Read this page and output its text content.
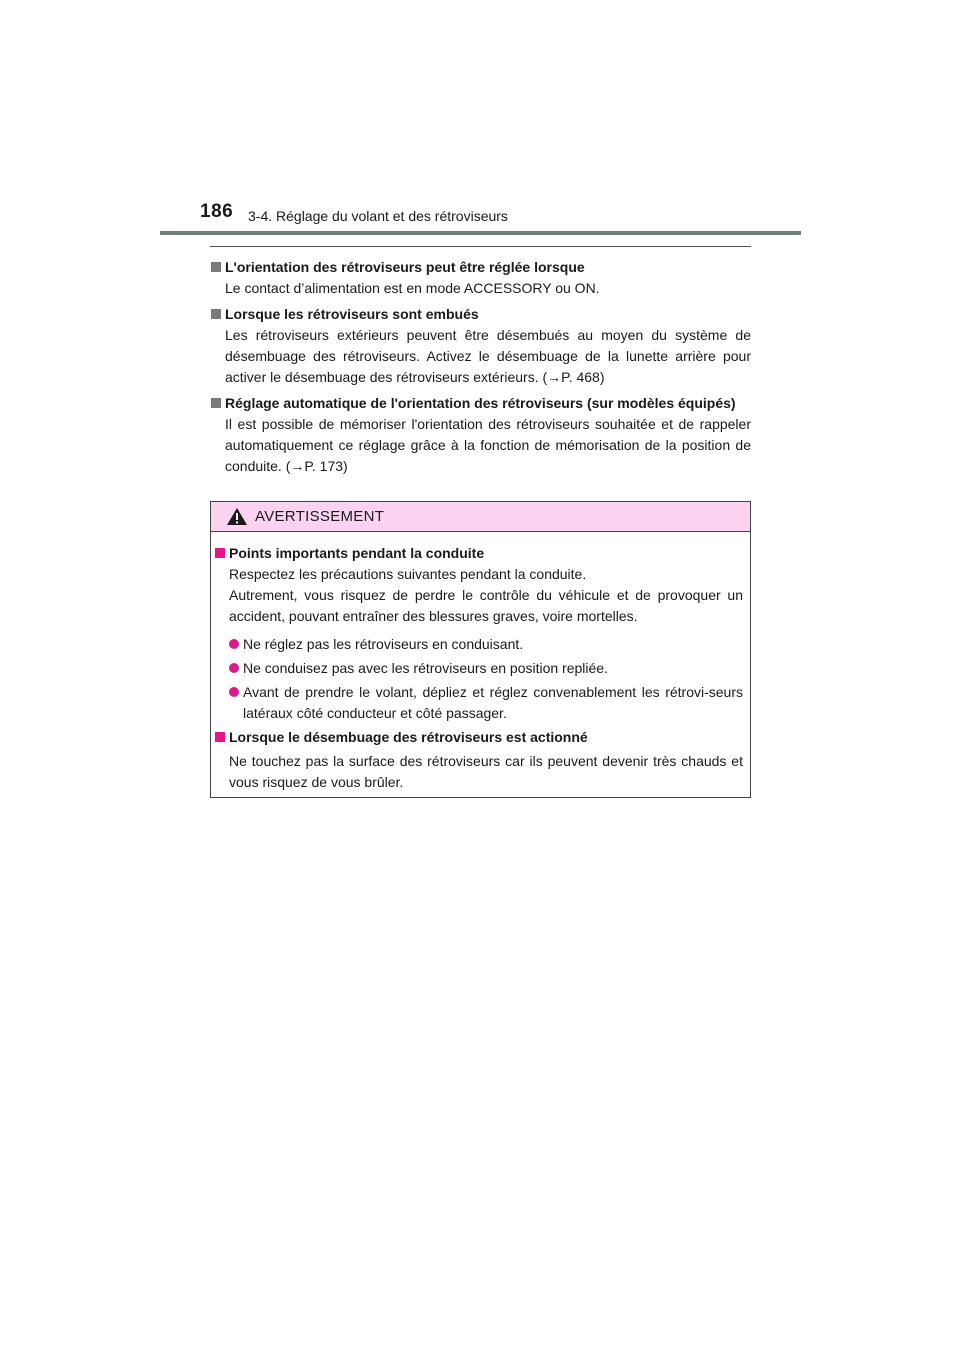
186 3-4. Réglage du volant et des rétroviseurs
L'orientation des rétroviseurs peut être réglée lorsque
Le contact d’alimentation est en mode ACCESSORY ou ON.
Lorsque les rétroviseurs sont embués
Les rétroviseurs extérieurs peuvent être désembués au moyen du système de désembuage des rétroviseurs. Activez le désembuage de la lunette arrière pour activer le désembuage des rétroviseurs extérieurs. (→P. 468)
Réglage automatique de l'orientation des rétroviseurs (sur modèles équipés)
Il est possible de mémoriser l'orientation des rétroviseurs souhaitée et de rappeler automatiquement ce réglage grâce à la fonction de mémorisation de la position de conduite. (→P. 173)
AVERTISSEMENT
Points importants pendant la conduite
Respectez les précautions suivantes pendant la conduite.
Autrement, vous risquez de perdre le contrôle du véhicule et de provoquer un accident, pouvant entraîner des blessures graves, voire mortelles.
Ne réglez pas les rétroviseurs en conduisant.
Ne conduisez pas avec les rétroviseurs en position repliée.
Avant de prendre le volant, dépliez et réglez convenablement les rétrovi-seurs latéraux côté conducteur et côté passager.
Lorsque le désembuage des rétroviseurs est actionné
Ne touchez pas la surface des rétroviseurs car ils peuvent devenir très chauds et vous risquez de vous brûler.
